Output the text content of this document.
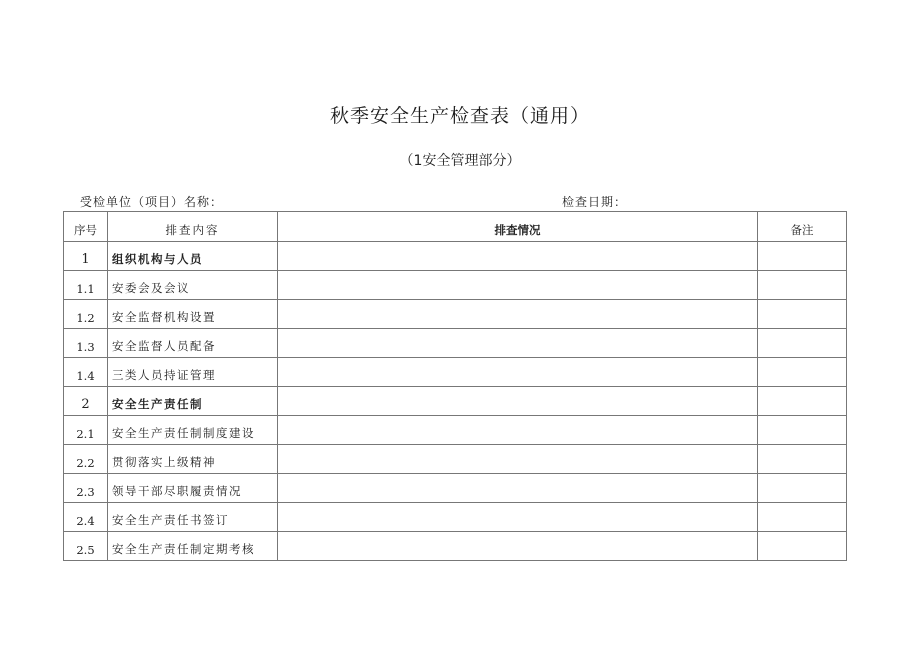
秋季安全生产检查表（通用）
（1安全管理部分）
受检单位（项目）名称：	检查日期：
序号	排查内容	排查情况	备注
1	组织机构与人员		
1.1	安委会及会议		
1.2	安全监督机构设置		
1.3	安全监督人员配备		
1.4	三类人员持证管理		
2	安全生产责任制		
2.1	安全生产责任制制度建设		
2.2	贯彻落实上级精神		
2.3	领导干部尽职履责情况		
2.4	安全生产责任书签订		
2.5	安全生产责任制定期考核		
